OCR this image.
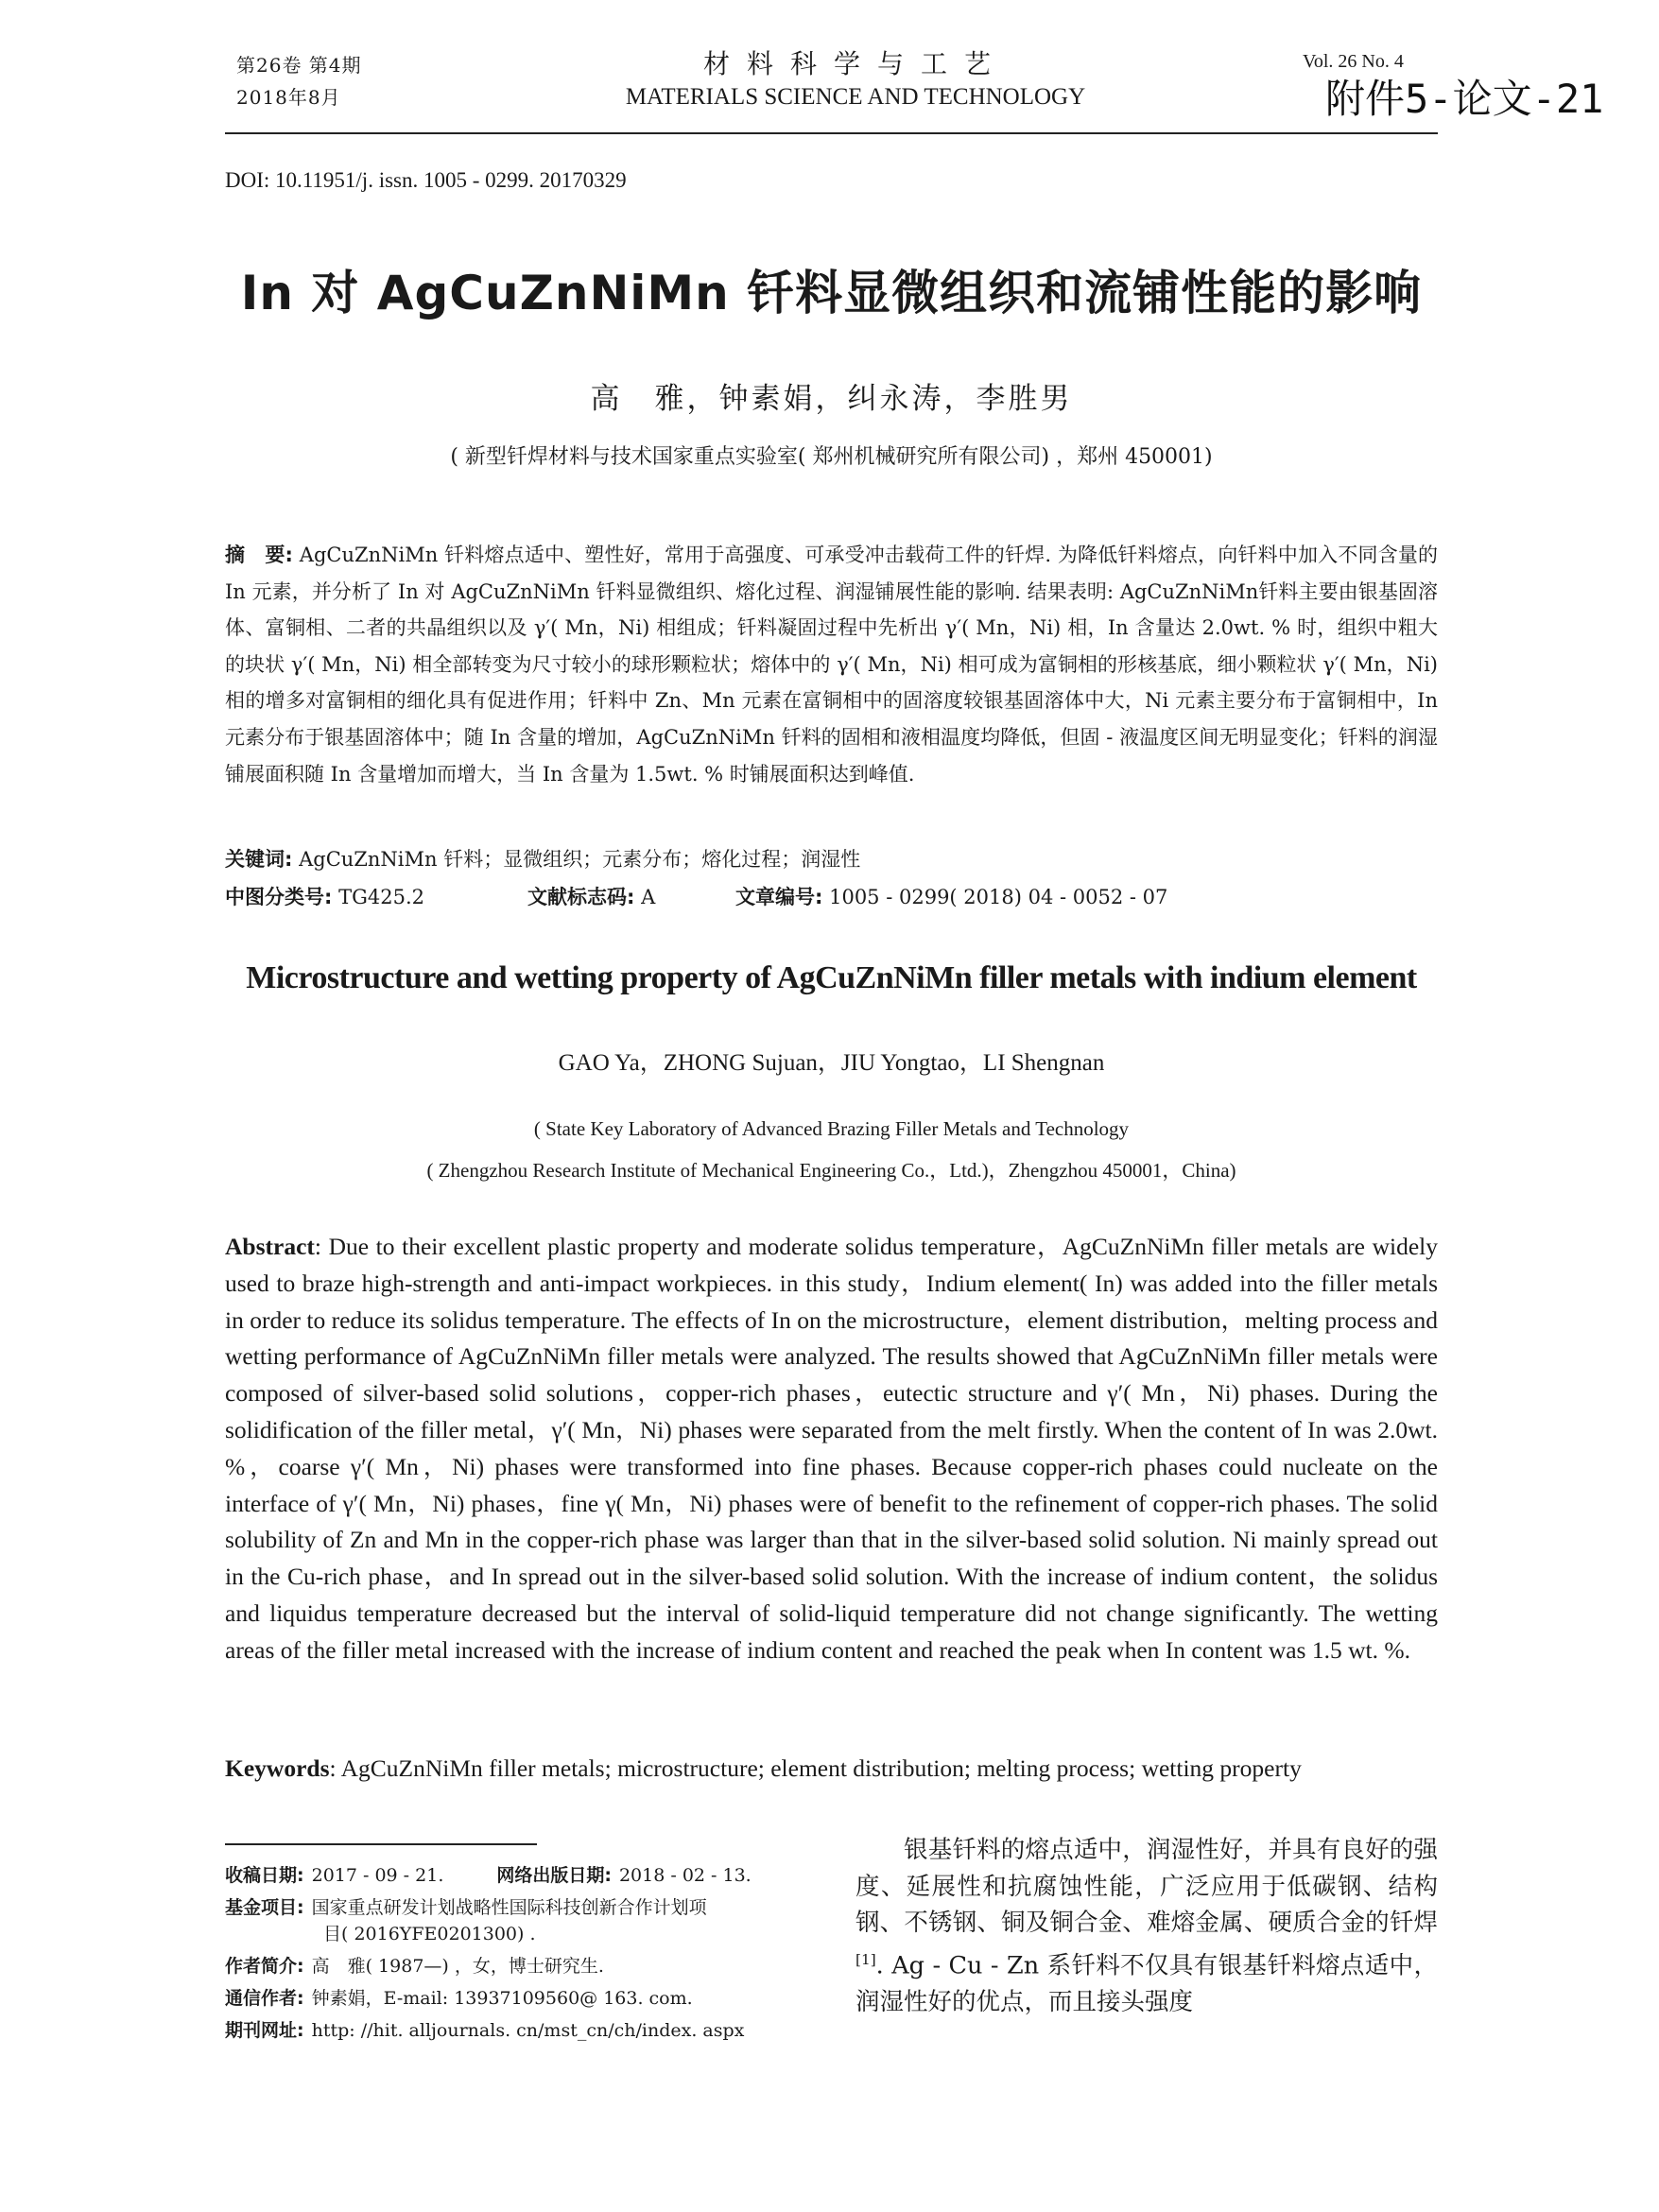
第26卷 第4期
2018年8月
材料科学与工艺
MATERIALS SCIENCE AND TECHNOLOGY
Vol. 26 No. 4
附件5-论文-21
DOI: 10.11951/j. issn. 1005 - 0299. 20170329
In 对 AgCuZnNiMn 钎料显微组织和流铺性能的影响
高　雅，钟素娟，纠永涛，李胜男
( 新型钎焊材料与技术国家重点实验室( 郑州机械研究所有限公司) ，郑州 450001)
摘　要: AgCuZnNiMn 钎料熔点适中、塑性好，常用于高强度、可承受冲击载荷工件的钎焊. 为降低钎料熔点，向钎料中加入不同含量的 In 元素，并分析了 In 对 AgCuZnNiMn 钎料显微组织、熔化过程、润湿铺展性能的影响. 结果表明: AgCuZnNiMn钎料主要由银基固溶体、富铜相、二者的共晶组织以及 γ′( Mn，Ni) 相组成；钎料凝固过程中先析出 γ′( Mn，Ni) 相，In 含量达 2.0wt. % 时，组织中粗大的块状 γ′( Mn，Ni) 相全部转变为尺寸较小的球形颗粒状；熔体中的 γ′( Mn，Ni) 相可成为富铜相的形核基底，细小颗粒状 γ′( Mn，Ni) 相的增多对富铜相的细化具有促进作用；钎料中 Zn、Mn 元素在富铜相中的固溶度较银基固溶体中大，Ni 元素主要分布于富铜相中，In 元素分布于银基固溶体中；随 In 含量的增加，AgCuZnNiMn 钎料的固相和液相温度均降低，但固 - 液温度区间无明显变化；钎料的润湿铺展面积随 In 含量增加而增大，当 In 含量为 1.5wt. % 时铺展面积达到峰值.
关键词: AgCuZnNiMn 钎料；显微组织；元素分布；熔化过程；润湿性
中图分类号: TG425.2	文献标志码: A	文章编号: 1005 - 0299( 2018) 04 - 0052 - 07
Microstructure and wetting property of AgCuZnNiMn filler metals with indium element
GAO Ya，ZHONG Sujuan，JIU Yongtao，LI Shengnan
( State Key Laboratory of Advanced Brazing Filler Metals and Technology
( Zhengzhou Research Institute of Mechanical Engineering Co.，Ltd.)，Zhengzhou 450001，China)
Abstract: Due to their excellent plastic property and moderate solidus temperature，AgCuZnNiMn filler metals are widely used to braze high-strength and anti-impact workpieces. in this study，Indium element( In) was added into the filler metals in order to reduce its solidus temperature. The effects of In on the microstructure，element distribution，melting process and wetting performance of AgCuZnNiMn filler metals were analyzed. The results showed that AgCuZnNiMn filler metals were composed of silver-based solid solutions，copper-rich phases，eutectic structure and γ′( Mn，Ni) phases. During the solidification of the filler metal，γ′( Mn，Ni) phases were separated from the melt firstly. When the content of In was 2.0wt. %，coarse γ′( Mn，Ni) phases were transformed into fine phases. Because copper-rich phases could nucleate on the interface of γ′( Mn，Ni) phases，fine γ( Mn，Ni) phases were of benefit to the refinement of copper-rich phases. The solid solubility of Zn and Mn in the copper-rich phase was larger than that in the silver-based solid solution. Ni mainly spread out in the Cu-rich phase，and In spread out in the silver-based solid solution. With the increase of indium content，the solidus and liquidus temperature decreased but the interval of solid-liquid temperature did not change significantly. The wetting areas of the filler metal increased with the increase of indium content and reached the peak when In content was 1.5 wt. %.
Keywords: AgCuZnNiMn filler metals; microstructure; element distribution; melting process; wetting property
收稿日期: 2017 - 09 - 21.	网络出版日期: 2018 - 02 - 13.
基金项目: 国家重点研发计划战略性国际科技创新合作计划项
目( 2016YFE0201300) .
作者简介: 高　雅( 1987—) ，女，博士研究生.
通信作者: 钟素娟，E-mail: 13937109560@ 163. com.
期刊网址: http: //hit. alljournals. cn/mst_cn/ch/index. aspx
银基钎料的熔点适中，润湿性好，并具有良好的强度、延展性和抗腐蚀性能，广泛应用于低碳钢、结构钢、不锈钢、铜及铜合金、难熔金属、硬质合金的钎焊[1]. Ag - Cu - Zn 系钎料不仅具有银基钎料熔点适中，润湿性好的优点，而且接头强度
